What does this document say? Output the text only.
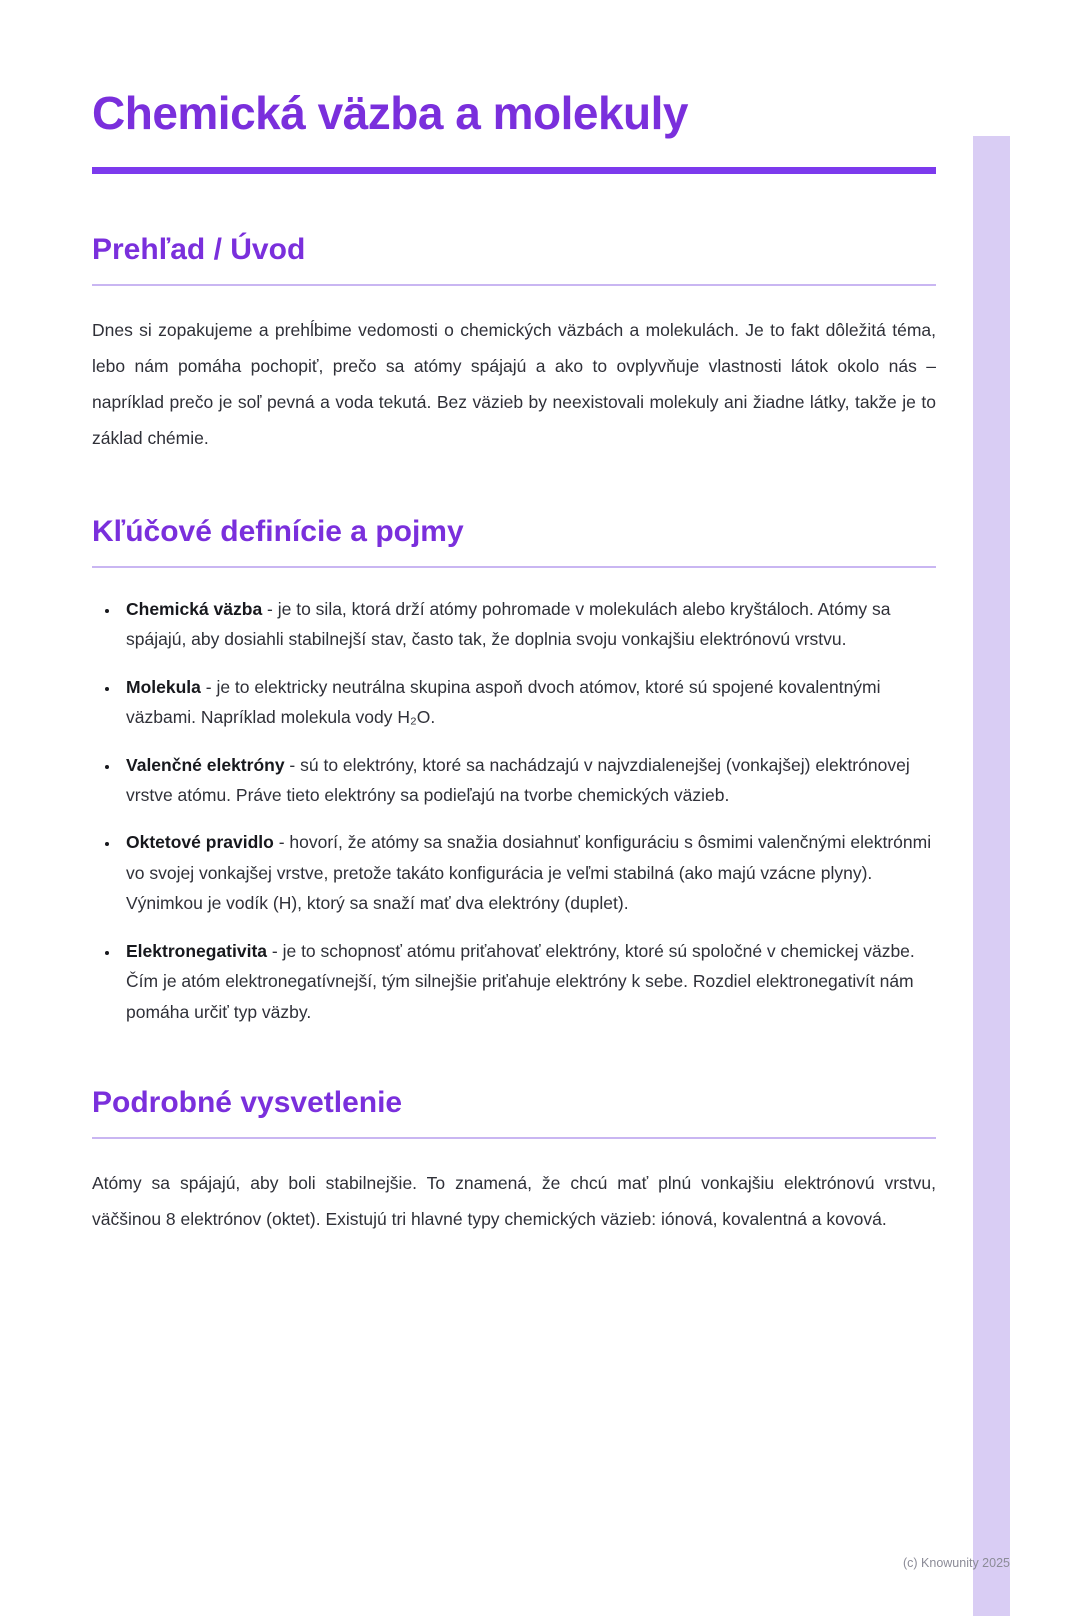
Chemická väzba a molekuly
Prehľad / Úvod

Dnes si zopakujeme a prehĺbime vedomosti o chemických väzbách a molekulách. Je to fakt dôležitá téma, lebo nám pomáha pochopiť, prečo sa atómy spájajú a ako to ovplyvňuje vlastnosti látok okolo nás – napríklad prečo je soľ pevná a voda tekutá. Bez väzieb by neexistovali molekuly ani žiadne látky, takže je to základ chémie.

Kľúčové definície a pojmy
• Chemická väzba - je to sila, ktorá drží atómy pohromade v molekulách alebo kryštáloch. Atómy sa spájajú, aby dosiahli stabilnejší stav, často tak, že doplnia svoju vonkajšiu elektrónovú vrstvu.
• Molekula - je to elektricky neutrálna skupina aspoň dvoch atómov, ktoré sú spojené kovalentnými väzbami. Napríklad molekula vody H₂O.
• Valenčné elektróny - sú to elektróny, ktoré sa nachádzajú v najvzdialenejšej (vonkajšej) elektrónovej vrstve atómu. Práve tieto elektróny sa podieľajú na tvorbe chemických väzieb.
• Oktetové pravidlo - hovorí, že atómy sa snažia dosiahnuť konfiguráciu s ôsmimi valenčnými elektrónmi vo svojej vonkajšej vrstve, pretože takáto konfigurácia je veľmi stabilná (ako majú vzácne plyny). Výnimkou je vodík (H), ktorý sa snaží mať dva elektróny (duplet).
• Elektronegativita - je to schopnosť atómu priťahovať elektróny, ktoré sú spoločné v chemickej väzbe. Čím je atóm elektronegatívnejší, tým silnejšie priťahuje elektróny k sebe. Rozdiel elektronegativít nám pomáha určiť typ väzby.
Podrobné vysvetlenie

Atómy sa spájajú, aby boli stabilnejšie. To znamená, že chcú mať plnú vonkajšiu elektrónovú vrstvu, väčšinou 8 elektrónov (oktet). Existujú tri hlavné typy chemických väzieb: iónová, kovalentná a kovová.

(c) Knowunity 2025
